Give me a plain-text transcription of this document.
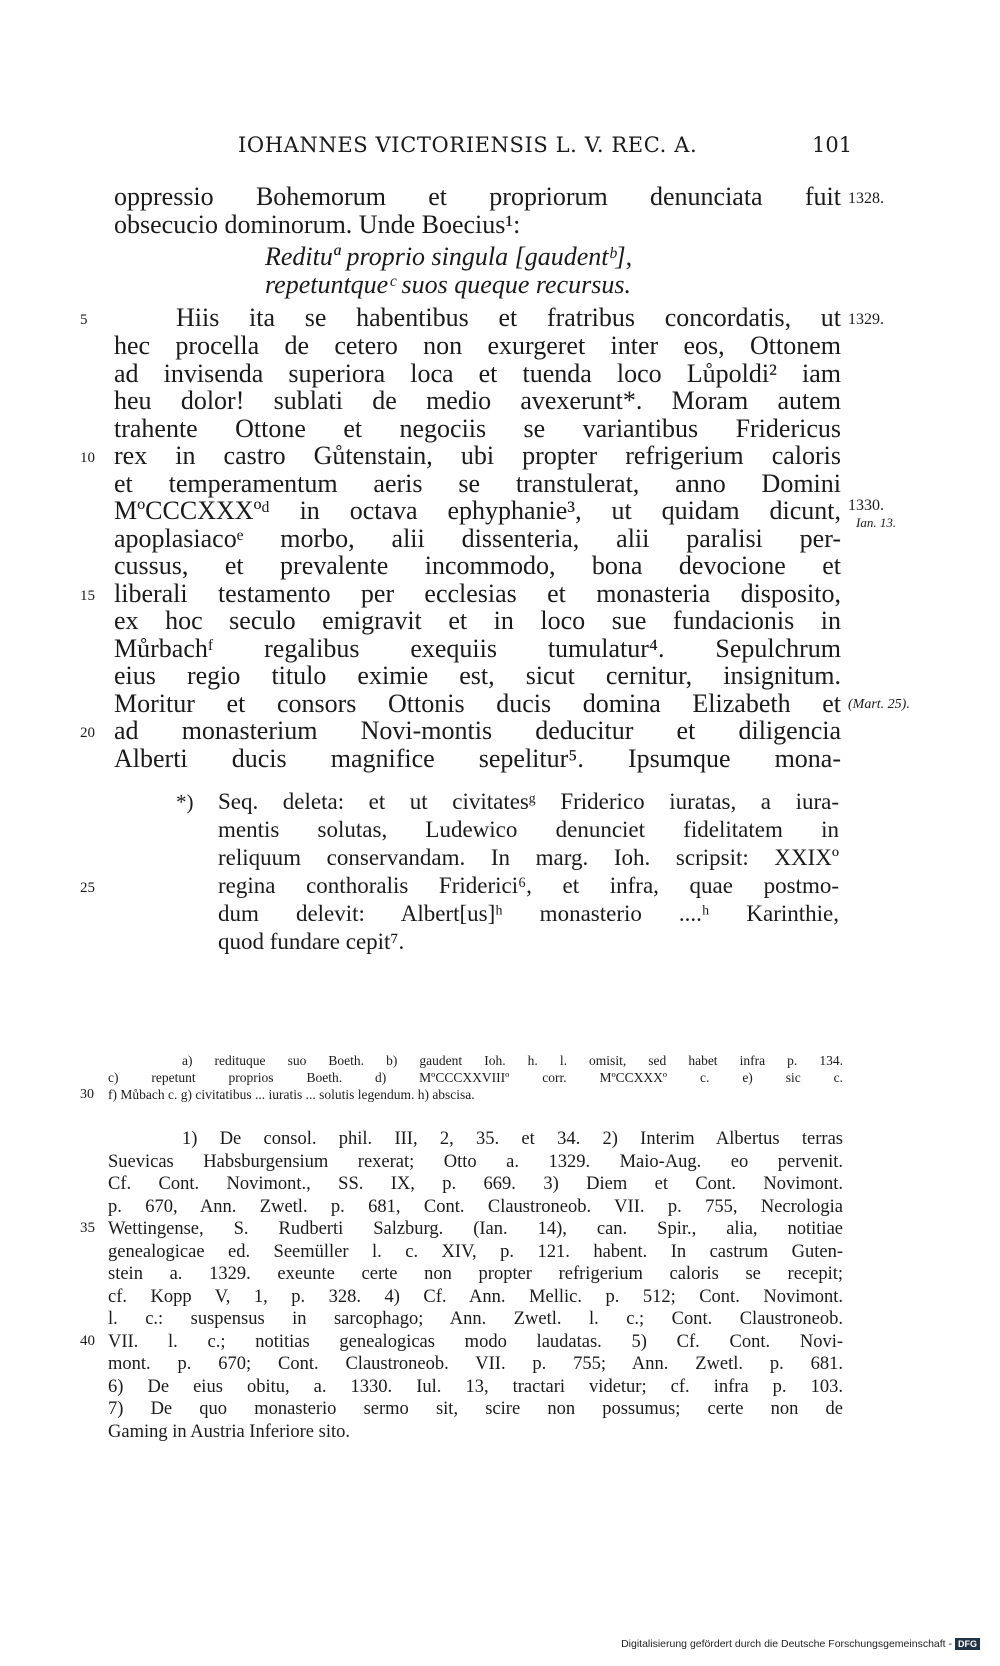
IOHANNES VICTORIENSIS L. V. REC. A.	101
oppressio Bohemorum et propriorum denunciata fuit
obsecucio dominorum. Unde Boecius¹:
Redituª proprio singula [gaudentᵇ],
repetuntqueᶜ suos queque recursus.
Hiis ita se habentibus et fratribus concordatis, ut
hec procella de cetero non exurgeret inter eos, Ottonem
ad invisenda superiora loca et tuenda loco Lůpoldi² iam
heu dolor! sublati de medio avexerunt*. Moram autem
trahente Ottone et negociis se variantibus Fridericus
rex in castro Gůtenstain, ubi propter refrigerium caloris
et temperamentum aeris se transtulerat, anno Domini
MºCCCXXXºᵈ in octava ephyphanie³, ut quidam dicunt,
apoplasiacoᵉ morbo, alii dissenteria, alii paralisi per-
cussus, et prevalente incommodo, bona devocione et
liberali testamento per ecclesias et monasteria disposito,
ex hoc seculo emigravit et in loco sue fundacionis in
Můrbachᶠ regalibus exequiis tumulatur⁴. Sepulchrum
eius regio titulo eximie est, sicut cernitur, insignitum.
Moritur et consors Ottonis ducis domina Elizabeth et
ad monasterium Novi-montis deducitur et diligencia
Alberti ducis magnifice sepelitur⁵. Ipsumque mona-
5
10
15
20
1328.
1329.
1330.
Ian. 13.
(Mart. 25).
*) Seq. deleta: et ut civitatesᵍ Friderico iuratas, a iura-
mentis solutas, Ludewico denunciet fidelitatem in
reliquum conservandam. In marg. Ioh. scripsit: XXIXº
regina conthoralis Friderici⁶, et infra, quae postmo-
dum delevit: Albert[us]ʰ monasterio ....ʰ Karinthie,
quod fundare cepit⁷.
25
a) redituque suo Boeth. b) gaudent Ioh. h. l. omisit, sed habet infra p. 134.
c) repetunt proprios Boeth. d) MºCCCXXVIIIº corr. MºCCXXXº c. e) sic c.
f) Můbach c. g) civitatibus ... iuratis ... solutis legendum. h) abscisa.
30
1) De consol. phil. III, 2, 35. et 34. 2) Interim Albertus terras
Suevicas Habsburgensium rexerat; Otto a. 1329. Maio-Aug. eo pervenit.
Cf. Cont. Novimont., SS. IX, p. 669. 3) Diem et Cont. Novimont.
p. 670, Ann. Zwetl. p. 681, Cont. Claustroneob. VII. p. 755, Necrologia
Wettingense, S. Rudberti Salzburg. (Ian. 14), can. Spir., alia, notitiae
genealogicae ed. Seemüller l. c. XIV, p. 121. habent. In castrum Guten-
stein a. 1329. exeunte certe non propter refrigerium caloris se recepit;
cf. Kopp V, 1, p. 328. 4) Cf. Ann. Mellic. p. 512; Cont. Novimont.
l. c.: suspensus in sarcophago; Ann. Zwetl. l. c.; Cont. Claustroneob.
VII. l. c.; notitias genealogicas modo laudatas. 5) Cf. Cont. Novi-
mont. p. 670; Cont. Claustroneob. VII. p. 755; Ann. Zwetl. p. 681.
6) De eius obitu, a. 1330. Iul. 13, tractari videtur; cf. infra p. 103.
7) De quo monasterio sermo sit, scire non possumus; certe non de
Gaming in Austria Inferiore sito.
35
40
Digitalisierung gefördert durch die Deutsche Forschungsgemeinschaft - DFG
